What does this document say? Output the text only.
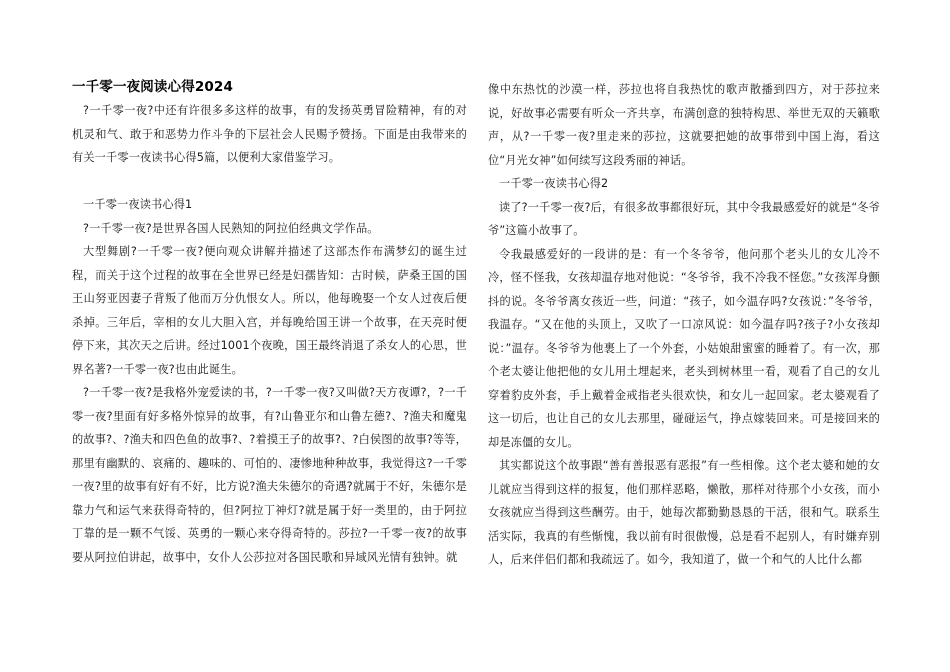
一千零一夜阅读心得2024

?一千零一夜?中还有许很多多这样的故事，有的发扬英勇冒险精神，有的对机灵和气、敢于和恶势力作斗争的下层社会人民赐予赞扬。下面是由我带来的有关一千零一夜读书心得5篇，以便利大家借鉴学习。

一千零一夜读书心得1

?一千零一夜?是世界各国人民熟知的阿拉伯经典文学作品。

大型舞剧?一千零一夜?便向观众讲解并描述了这部杰作布满梦幻的诞生过程，而关于这个过程的故事在全世界已经是妇孺皆知：古时候，萨桑王国的国王山努亚因妻子背叛了他而万分仇恨女人。所以，他每晚娶一个女人过夜后便杀掉。三年后，宰相的女儿大胆入宫，并每晚给国王讲一个故事，在天亮时便停下来，其次天之后讲。经过1001个夜晚，国王最终消退了杀女人的心思，世界名著?一千零一夜?也由此诞生。

?一千零一夜?是我格外宠爱读的书，?一千零一夜?又叫做?天方夜谭?，?一千零一夜?里面有好多格外惊异的故事，有?山鲁亚尔和山鲁左德?、?渔夫和魔鬼的故事?、?渔夫和四色鱼的故事?、?着摸王子的故事?、?白侯图的故事?等等，那里有幽默的、哀痛的、趣味的、可怕的、凄惨地种种故事，我觉得这?一千零一夜?里的故事有好有不好，比方说?渔夫朱德尔的奇遇?就属于不好，朱德尔是靠力气和运气来获得奇特的，但?阿拉丁神灯?就是属于好一类里的，由于阿拉丁靠的是一颗不气馁、英勇的一颗心来夺得奇特的。莎拉?一千零一夜?的故事要从阿拉伯讲起，故事中，女仆人公莎拉对各国民歌和异域风光情有独钟。就

像中东热忱的沙漠一样，莎拉也将自我热忱的歌声散播到四方，对于莎拉来说，好故事必需要有听众一齐共享，布满创意的独特构思、举世无双的天籁歌声，从?一千零一夜?里走来的莎拉，这就要把她的故事带到中国上海，看这位“月光女神”如何续写这段秀丽的神话。

一千零一夜读书心得2

读了?一千零一夜?后，有很多故事都很好玩，其中令我最感爱好的就是“冬爷爷”这篇小故事了。

令我最感爱好的一段讲的是：有一个冬爷爷，他问那个老头儿的女儿冷不冷，怪不怪我，女孩却温存地对他说：“冬爷爷，我不冷我不怪您。”女孩浑身颤抖的说。冬爷爷离女孩近一些，问道：“孩子，如今温存吗?女孩说：”冬爷爷，我温存。“又在他的头顶上，又吹了一口凉风说：如今温存吗?孩子?小女孩却说：”温存。冬爷爷为他裹上了一个外套，小姑娘甜蜜蜜的睡着了。有一次，那个老太婆让他把他的女儿用土埋起来，老头到树林里一看，观看了自己的女儿穿着豹皮外套，手上戴着金戒指老头很欢快，和女儿一起回家。老太婆观看了这一切后，也让自己的女儿去那里，碰碰运气，挣点嫁装回来。可是接回来的却是冻僵的女儿。

其实都说这个故事跟“善有善报恶有恶报”有一些相像。这个老太婆和她的女儿就应当得到这样的报复，他们那样恶略，懒散，那样对待那个小女孩，而小女孩就应当得到这些酬劳。由于，她每次都勤勤恳恳的干活，很和气。联系生活实际，我真的有些惭愧，我以前有时很傲慢，总是看不起别人，有时嫌弃别人，后来伴侣们都和我疏远了。如今，我知道了，做一个和气的人比什么都
